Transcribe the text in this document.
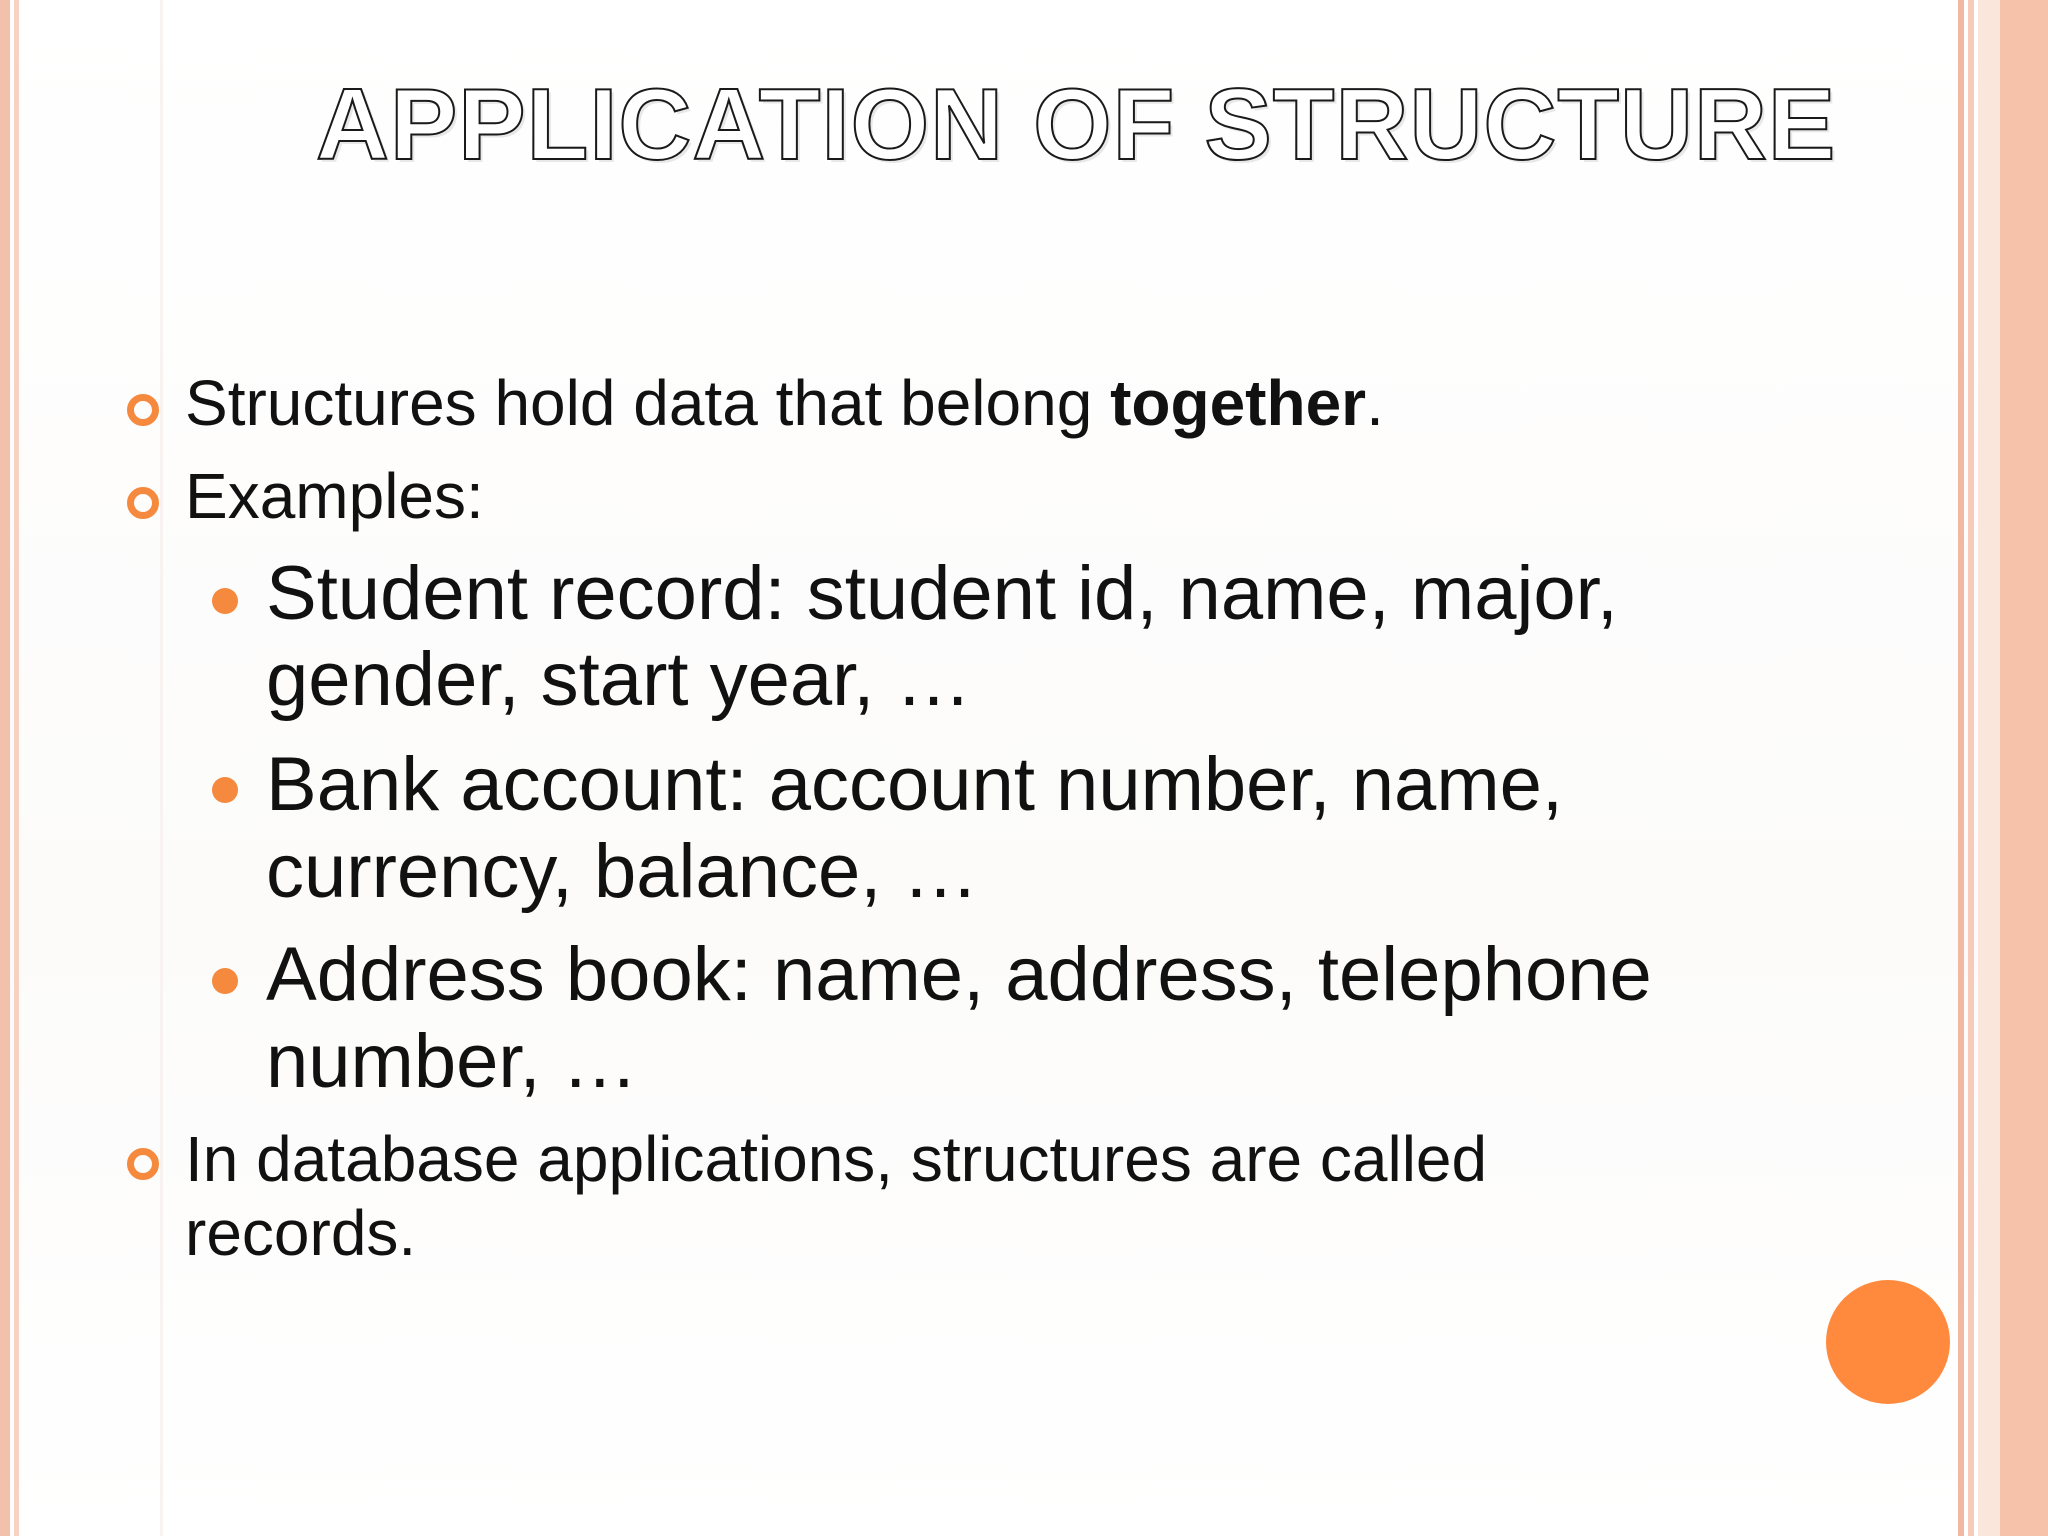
APPLICATION OF STRUCTURE

Structures hold data that belong together.

Examples:

Student record: student id, name, major,

gender, start year, …

Bank account: account number, name,

currency, balance, …

Address book: name, address, telephone

number, …

In database applications, structures are called

records.
